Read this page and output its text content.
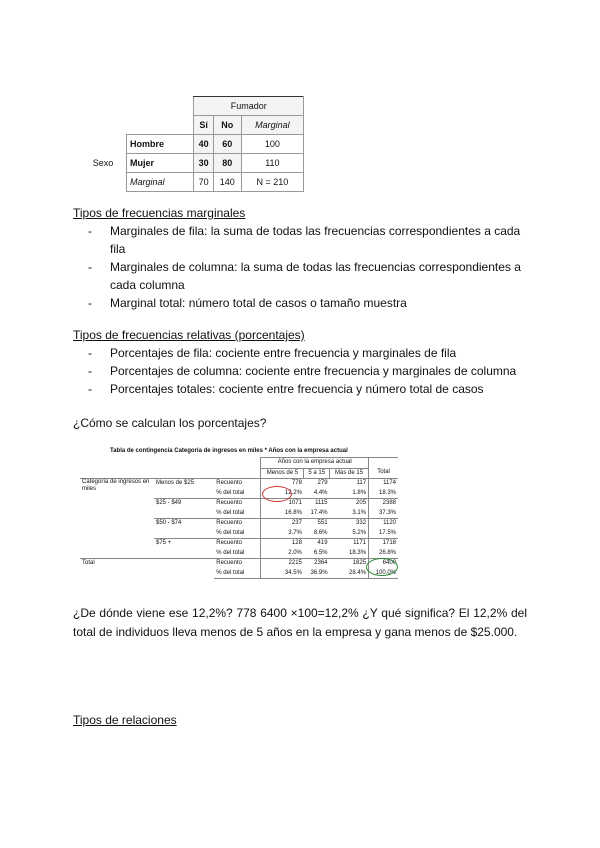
		Fumador		
		Sí	No	Marginal
Sexo	Hombre	40	60	100
	Mujer	30	80	110
	Marginal	70	140	N = 210
Tipos de frecuencias marginales
- Marginales de fila: la suma de todas las frecuencias correspondientes a cada fila
- Marginales de columna: la suma de todas las frecuencias correspondientes a cada columna
- Marginal total: número total de casos o tamaño muestra
Tipos de frecuencias relativas (porcentajes)
- Porcentajes de fila: cociente entre frecuencia y marginales de fila
- Porcentajes de columna: cociente entre frecuencia y marginales de columna
- Porcentajes totales: cociente entre frecuencia y número total de casos
¿Cómo se calculan los porcentajes?
Tabla de contingencia Categoría de ingresos en miles * Años con la empresa actual
			Años con la empresa actual			
			Menos de 5	5 a 15	Más de 15	Total
Categoría de ingresos en miles	Menos de $25	Recuento	778	279	117	1174
		% del total	12.2%	4.4%	1.8%	18.3%
	$25 - $49	Recuento	1071	1115	205	2388
		% del total	16.8%	17.4%	3.1%	37.3%
	$50 - $74	Recuento	237	551	332	1120
		% del total	3.7%	8.6%	5.2%	17.5%
	$75 +	Recuento	128	419	1171	1718
		% del total	2.0%	6.5%	18.3%	26.8%
Total		Recuento	2215	2364	1825	6400
		% del total	34.5%	36.9%	28.4%	100.0%
¿De dónde viene ese 12,2%? 778 6400 ×100=12,2% ¿Y qué significa? El 12,2% del total de individuos lleva menos de 5 años en la empresa y gana menos de $25.000.
Tipos de relaciones
